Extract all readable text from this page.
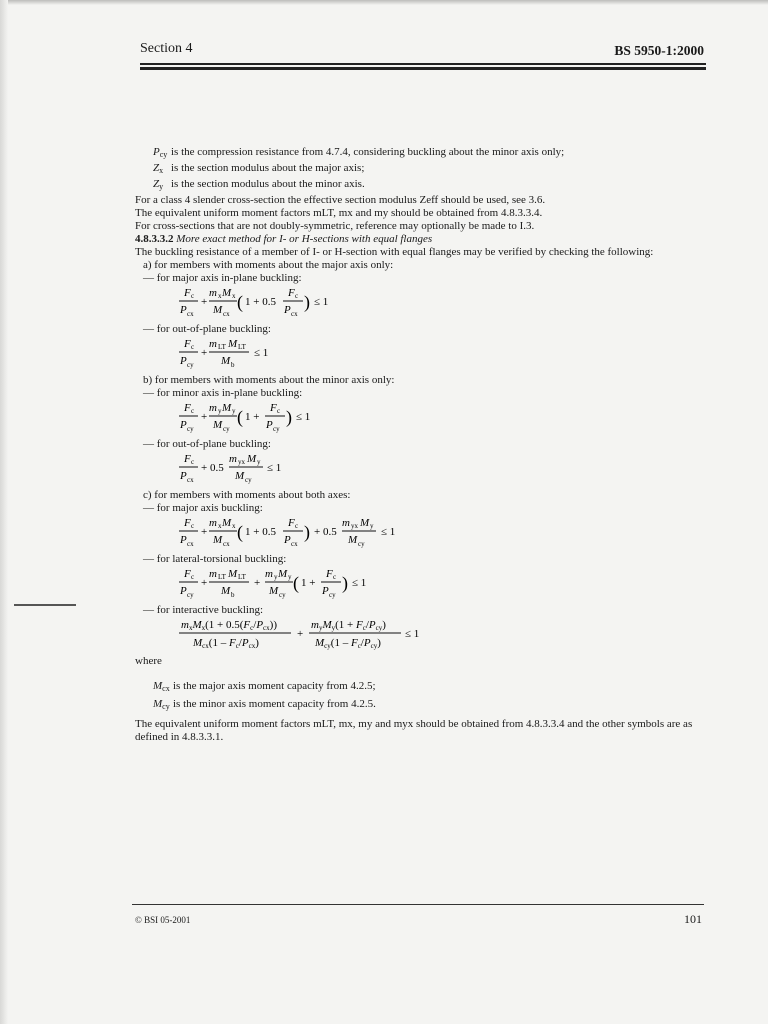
Section 4	BS 5950-1:2000
$P_{cy}$ is the compression resistance from 4.7.4, considering buckling about the minor axis only;
$Z_x$ is the section modulus about the major axis;
$Z_y$ is the section modulus about the minor axis.

For a class 4 slender cross-section the effective section modulus Zeff should be used, see 3.6.

The equivalent uniform moment factors mLT, mx and my should be obtained from 4.8.3.3.4.

For cross-sections that are not doubly-symmetric, reference may optionally be made to I.3.

4.8.3.3.2 More exact method for I- or H-sections with equal flanges

The buckling resistance of a member of I- or H-section with equal flanges may be verified by checking the following:

a) for members with moments about the major axis only:

— for major axis in-plane buckling:

F c
P cx
+
m x M x
M cx
( 1 + 0.5
F c
P cx
) ≤ 1

— for out-of-plane buckling:

F c
P cy
+
m LT M LT
M b
≤ 1

b) for members with moments about the minor axis only:

— for minor axis in-plane buckling:

F c
P cy
+
m y M y
M cy
( 1 +
F c
P cy
) ≤ 1

— for out-of-plane buckling:

F c
P cx
+ 0.5
m yx M y
M cy
≤ 1

c) for members with moments about both axes:

— for major axis buckling:

F c
P cx
+
m x M x
M cx
( 1 + 0.5
F c
P cx
) + 0.5
m yx M y
M cy
≤ 1

— for lateral-torsional buckling:

F c
P cy
+
m LT M LT
M b
+
m y M y
M cy
( 1 +
F c
P cy
) ≤ 1

— for interactive buckling:

mxMx(1 + 0.5(Fc/Pcx))
Mcx(1 – Fc/Pcx)
+
myMy(1 + Fc/Pcy)
Mcy(1 – Fc/Pcy)
≤ 1

where

$M_{cx}$ is the major axis moment capacity from 4.2.5;
$M_{cy}$ is the minor axis moment capacity from 4.2.5.

The equivalent uniform moment factors mLT, mx, my and myx should be obtained from 4.8.3.3.4 and the other symbols are as defined in 4.8.3.3.1.

© BSI 05-2001	101
